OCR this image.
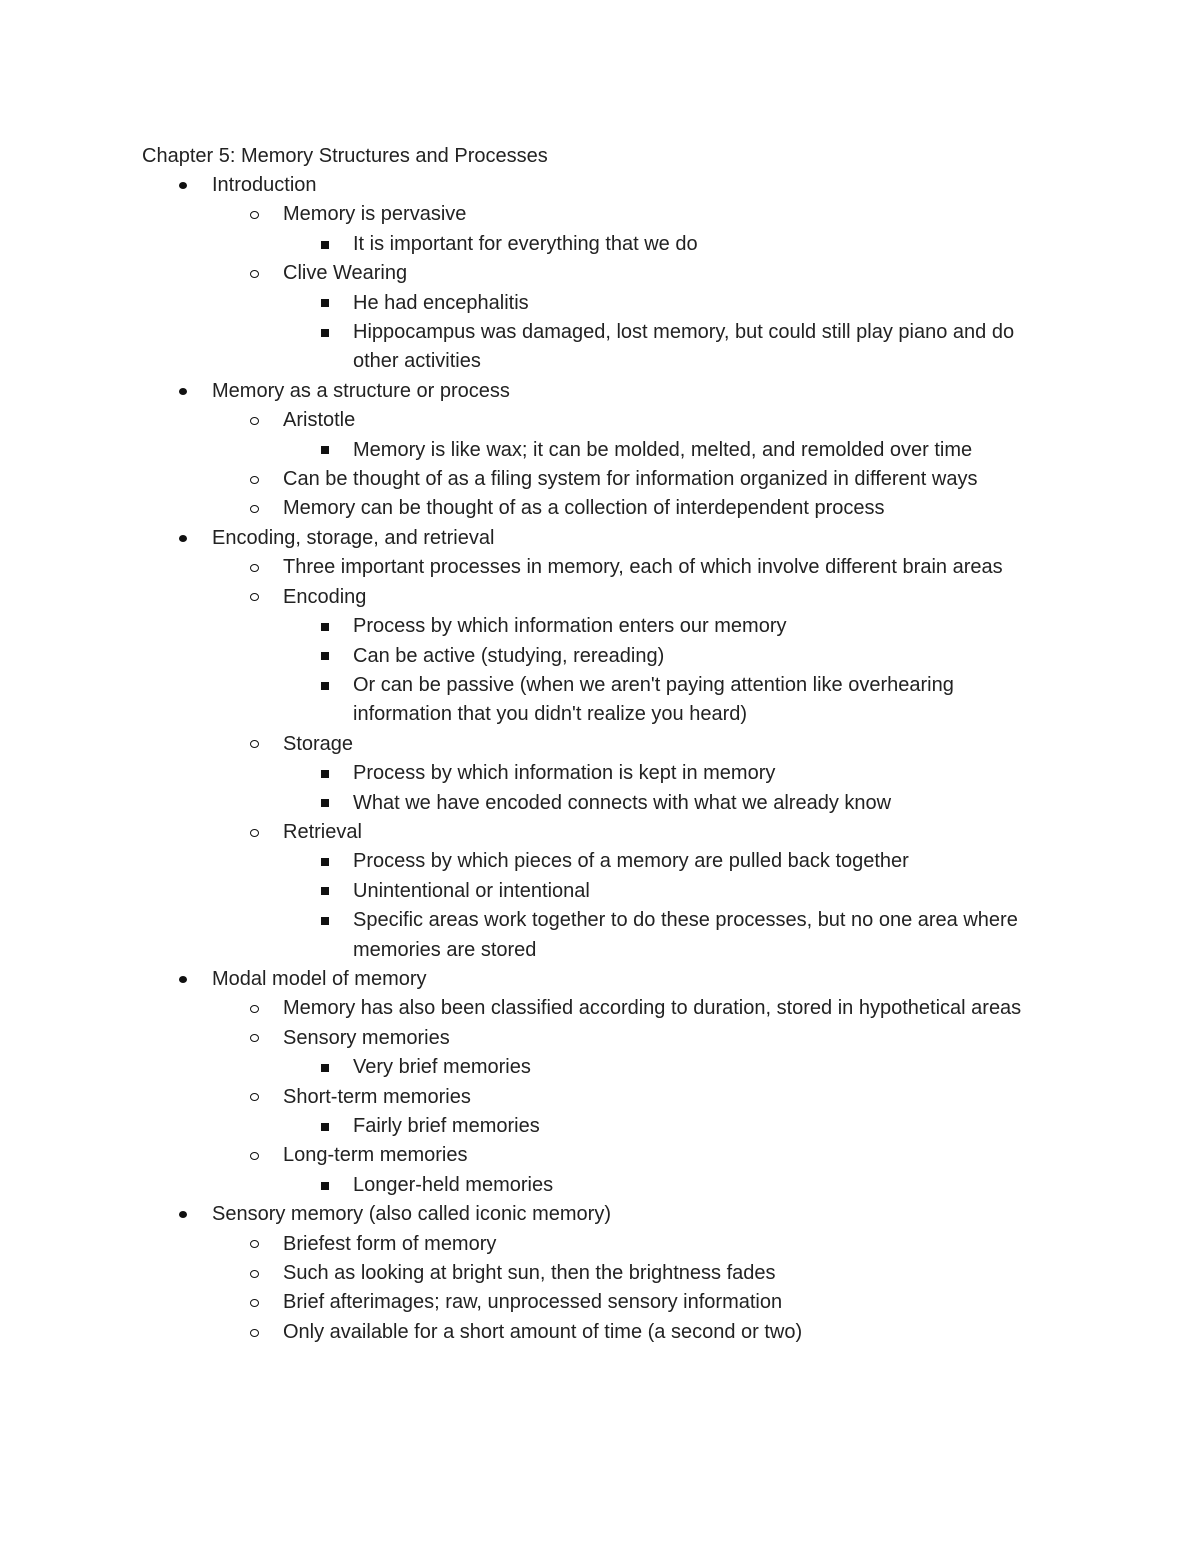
Chapter 5: Memory Structures and Processes
Introduction
Memory is pervasive
It is important for everything that we do
Clive Wearing
He had encephalitis
Hippocampus was damaged, lost memory, but could still play piano and do other activities
Memory as a structure or process
Aristotle
Memory is like wax; it can be molded, melted, and remolded over time
Can be thought of as a filing system for information organized in different ways
Memory can be thought of as a collection of interdependent process
Encoding, storage, and retrieval
Three important processes in memory, each of which involve different brain areas
Encoding
Process by which information enters our memory
Can be active (studying, rereading)
Or can be passive (when we aren't paying attention like overhearing information that you didn't realize you heard)
Storage
Process by which information is kept in memory
What we have encoded connects with what we already know
Retrieval
Process by which pieces of a memory are pulled back together
Unintentional or intentional
Specific areas work together to do these processes, but no one area where memories are stored
Modal model of memory
Memory has also been classified according to duration, stored in hypothetical areas
Sensory memories
Very brief memories
Short-term memories
Fairly brief memories
Long-term memories
Longer-held memories
Sensory memory (also called iconic memory)
Briefest form of memory
Such as looking at bright sun, then the brightness fades
Brief afterimages; raw, unprocessed sensory information
Only available for a short amount of time (a second or two)
